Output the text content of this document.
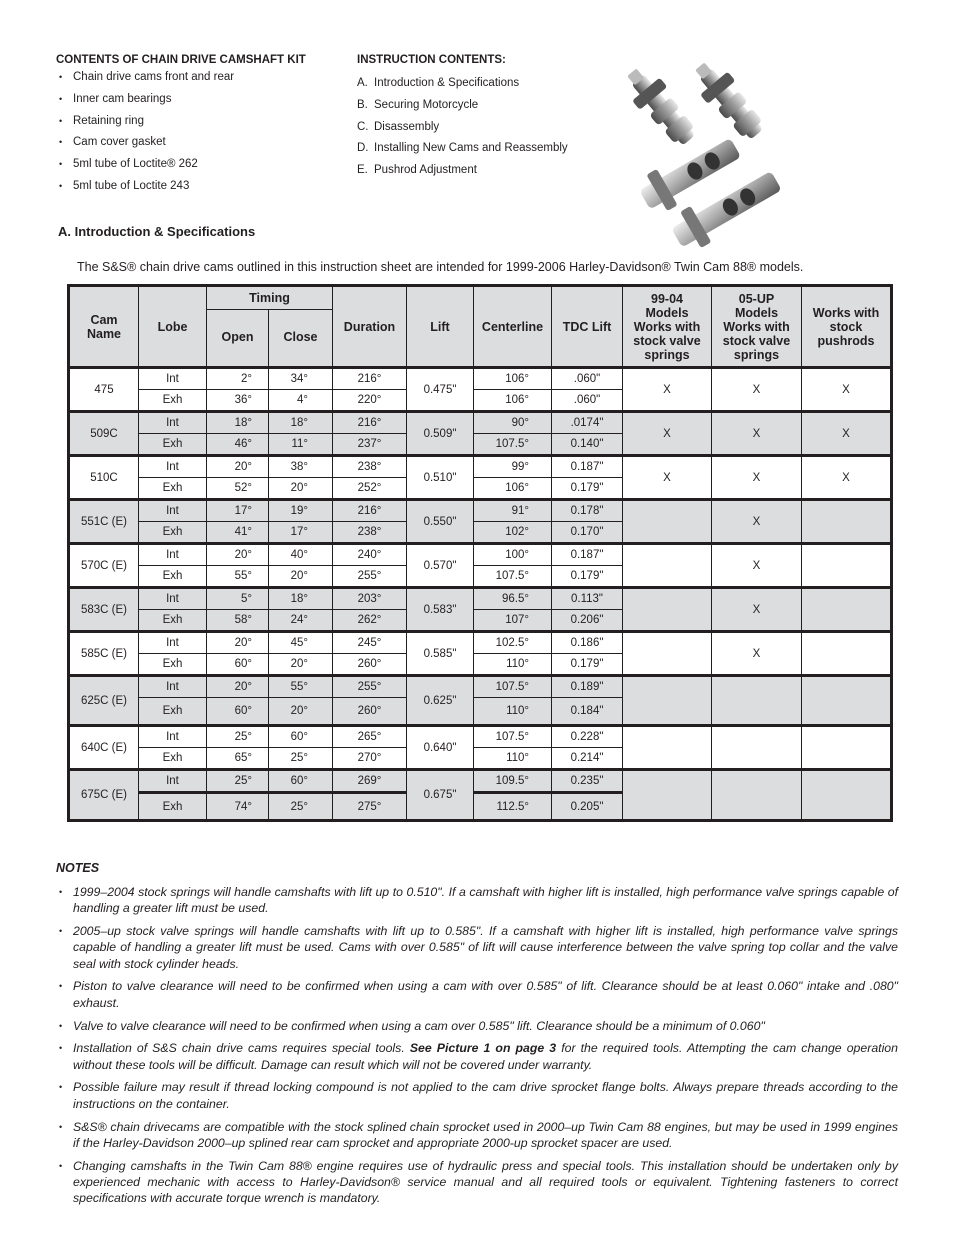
CONTENTS OF CHAIN DRIVE CAMSHAFT KIT
• Chain drive cams front and rear
• Inner cam bearings
• Retaining ring
• Cam cover gasket
• 5ml tube of Loctite® 262
• 5ml tube of Loctite 243
INSTRUCTION CONTENTS:
A. Introduction & Specifications
B. Securing Motorcycle
C. Disassembly
D. Installing New Cams and Reassembly
E. Pushrod Adjustment
A. Introduction & Specifications
The S&S® chain drive cams outlined in this instruction sheet are intended for 1999-2006 Harley-Davidson® Twin Cam 88® models.
Cam Name	Lobe	Timing		Duration	Lift	Centerline	TDC Lift	99-04 Models Works with stock valve springs	05-UP Models Works with stock valve springs	Works with stock pushrods
		Open	Close							
475	Int	2°	34°	216°	0.475"	106°	.060"	X	X	X
	Exh	36°	4°	220°		106°	.060"			
509C	Int	18°	18°	216°	0.509"	90°	.0174"	X	X	X
	Exh	46°	11°	237°		107.5°	0.140"			
510C	Int	20°	38°	238°	0.510"	99°	0.187"	X	X	X
	Exh	52°	20°	252°		106°	0.179"			
551C (E)	Int	17°	19°	216°	0.550"	91°	0.178"		X	
	Exh	41°	17°	238°		102°	0.170"			
570C (E)	Int	20°	40°	240°	0.570"	100°	0.187"		X	
	Exh	55°	20°	255°		107.5°	0.179"			
583C (E)	Int	5°	18°	203°	0.583"	96.5°	0.113"		X	
	Exh	58°	24°	262°		107°	0.206"			
585C (E)	Int	20°	45°	245°	0.585"	102.5°	0.186"		X	
	Exh	60°	20°	260°		110°	0.179"			
625C (E)	Int	20°	55°	255°	0.625"	107.5°	0.189"			
	Exh	60°	20°	260°		110°	0.184"			
640C (E)	Int	25°	60°	265°	0.640"	107.5°	0.228"			
	Exh	65°	25°	270°		110°	0.214"			
675C (E)	Int	25°	60°	269°	0.675"	109.5°	0.235"			
	Exh	74°	25°	275°		112.5°	0.205"			
NOTES
• 1999–2004 stock springs will handle camshafts with lift up to 0.510". If a camshaft with higher lift is installed, high performance valve springs capable of handling a greater lift must be used.
• 2005–up stock valve springs will handle camshafts with lift up to 0.585". If a camshaft with higher lift is installed, high performance valve springs capable of handling a greater lift must be used. Cams with over 0.585" of lift will cause interference between the valve spring top collar and the valve seal with stock cylinder heads.
• Piston to valve clearance will need to be confirmed when using a cam with over 0.585" of lift. Clearance should be at least 0.060" intake and .080" exhaust.
• Valve to valve clearance will need to be confirmed when using a cam over 0.585" lift. Clearance should be a minimum of 0.060"
• Installation of S&S chain drive cams requires special tools. See Picture 1 on page 3 for the required tools. Attempting the cam change operation without these tools will be difficult. Damage can result which will not be covered under warranty.
• Possible failure may result if thread locking compound is not applied to the cam drive sprocket flange bolts. Always prepare threads according to the instructions on the container.
• S&S® chain drivecams are compatible with the stock splined chain sprocket used in 2000–up Twin Cam 88 engines, but may be used in 1999 engines if the Harley-Davidson 2000–up splined rear cam sprocket and appropriate 2000-up sprocket spacer are used.
• Changing camshafts in the Twin Cam 88® engine requires use of hydraulic press and special tools. This installation should be undertaken only by experienced mechanic with access to Harley-Davidson® service manual and all required tools or equivalent. Tightening fasteners to correct specifications with accurate torque wrench is mandatory.
